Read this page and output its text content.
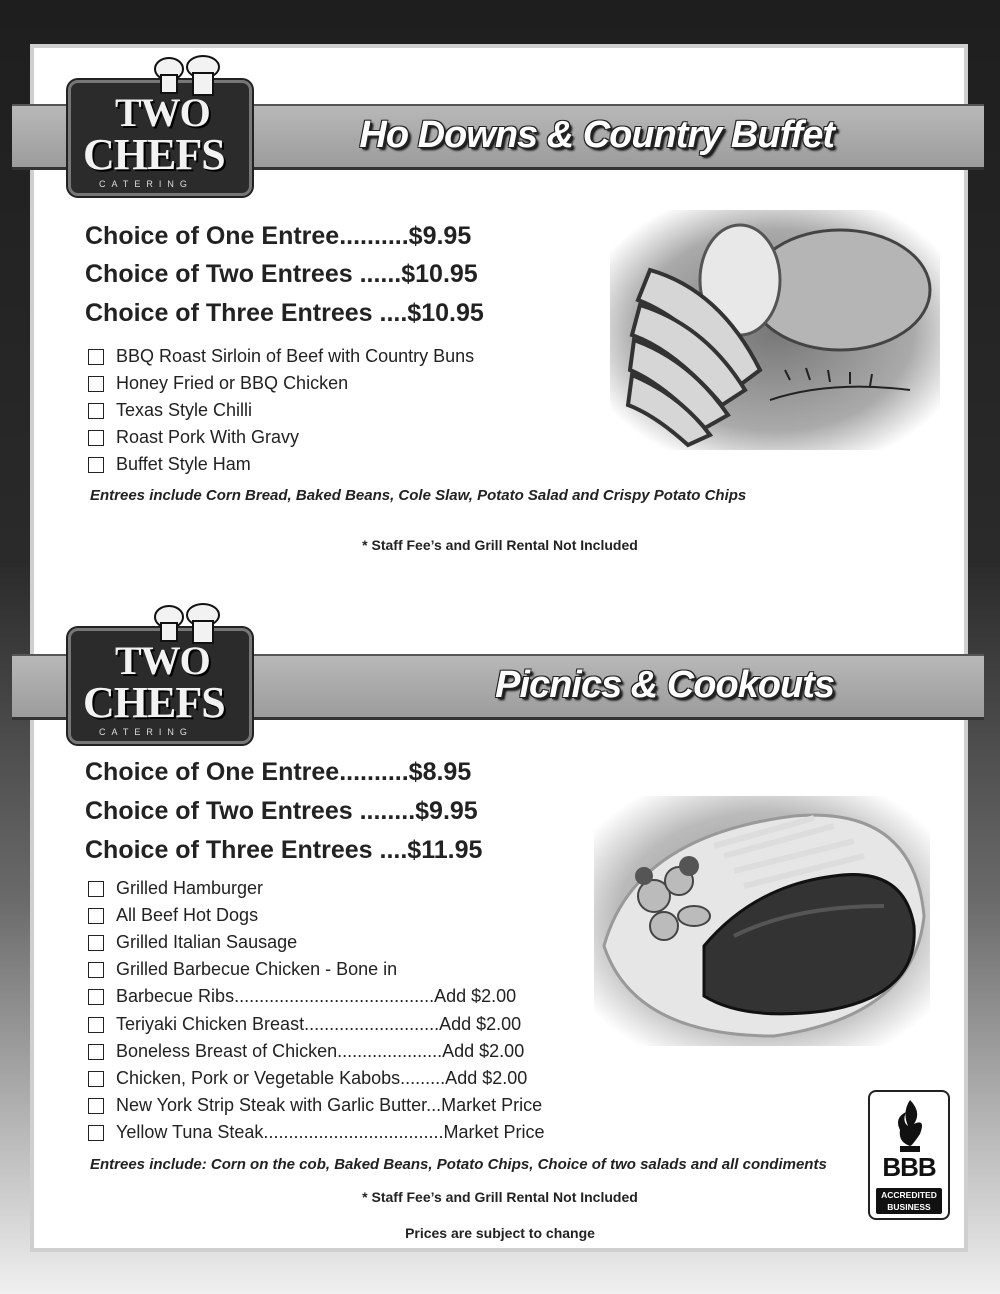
Ho Downs & Country Buffet
TWO
CHEFS
CATERING
Choice of One Entree..........$9.95
Choice of Two Entrees ......$10.95
Choice of Three Entrees ....$10.95
BBQ Roast Sirloin of Beef with Country Buns
Honey Fried or BBQ Chicken
Texas Style Chilli
Roast Pork With Gravy
Buffet Style Ham
Entrees include Corn Bread, Baked Beans, Cole Slaw, Potato Salad and Crispy Potato Chips
* Staff Fee’s and Grill Rental Not Included
Picnics & Cookouts
TWO
CHEFS
CATERING
Choice of One Entree..........$8.95
Choice of Two Entrees ........$9.95
Choice of Three Entrees ....$11.95
Grilled Hamburger
All Beef Hot Dogs
Grilled Italian Sausage
Grilled Barbecue Chicken - Bone in
Barbecue Ribs........................................Add $2.00
Teriyaki Chicken Breast...........................Add $2.00
Boneless Breast of Chicken.....................Add $2.00
Chicken, Pork or Vegetable Kabobs.........Add $2.00
New York Strip Steak with Garlic Butter...Market Price
Yellow Tuna Steak....................................Market Price
Entrees include: Corn on the cob, Baked Beans, Potato Chips, Choice of two salads and all condiments
* Staff Fee’s and Grill Rental Not Included
Prices are subject to change
BBB
ACCREDITED
BUSINESS
